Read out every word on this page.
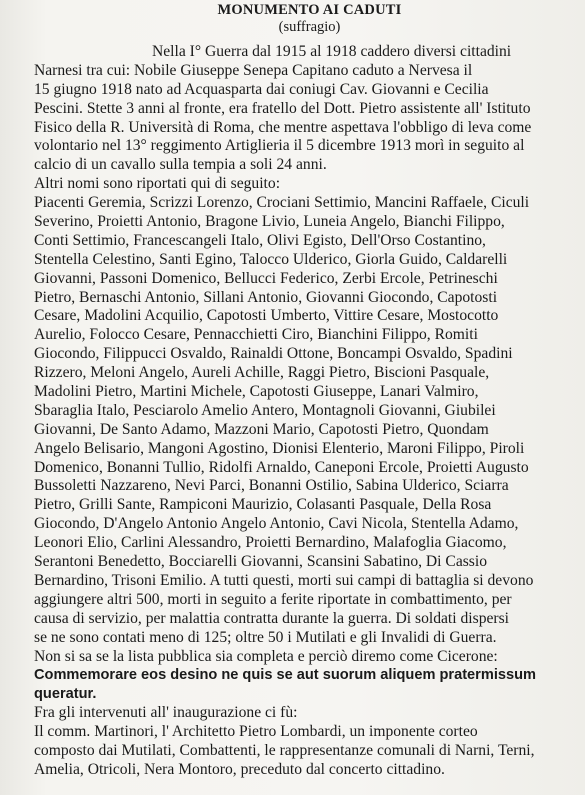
MONUMENTO AI CADUTI
(suffragio)
Nella I° Guerra dal 1915 al 1918 caddero diversi cittadini
Narnesi tra cui: Nobile Giuseppe Senepa Capitano caduto a Nervesa il
15 giugno 1918 nato ad Acquasparta dai coniugi Cav. Giovanni e Cecilia
Pescini. Stette 3 anni al fronte, era fratello del Dott. Pietro assistente all' Istituto
Fisico della R. Università di Roma, che mentre aspettava l'obbligo di leva come
volontario nel 13° reggimento Artiglieria il 5 dicembre 1913 morì in seguito al
calcio di un cavallo sulla tempia a soli 24 anni.
Altri nomi sono riportati qui di seguito:
Piacenti Geremia, Scrizzi Lorenzo, Crociani Settimio, Mancini Raffaele, Ciculi
Severino, Proietti Antonio, Bragone Livio, Luneia Angelo, Bianchi Filippo,
Conti Settimio, Francescangeli Italo, Olivi Egisto, Dell'Orso Costantino,
Stentella Celestino, Santi Egino, Talocco Ulderico, Giorla Guido, Caldarelli
Giovanni, Passoni Domenico, Bellucci Federico, Zerbi Ercole, Petrineschi
Pietro, Bernaschi Antonio, Sillani Antonio, Giovanni Giocondo, Capotosti
Cesare, Madolini Acquilio, Capotosti Umberto, Vittire Cesare, Mostocotto
Aurelio, Folocco Cesare, Pennacchietti Ciro, Bianchini Filippo, Romiti
Giocondo, Filippucci Osvaldo, Rainaldi Ottone, Boncampi Osvaldo, Spadini
Rizzero, Meloni Angelo, Aureli Achille, Raggi Pietro, Biscioni Pasquale,
Madolini Pietro, Martini Michele, Capotosti Giuseppe, Lanari Valmiro,
Sbaraglia Italo, Pesciarolo Amelio Antero, Montagnoli Giovanni, Giubilei
Giovanni, De Santo Adamo, Mazzoni Mario, Capotosti Pietro, Quondam
Angelo Belisario, Mangoni Agostino, Dionisi Elenterio, Maroni Filippo, Piroli
Domenico, Bonanni Tullio, Ridolfi Arnaldo, Caneponi Ercole, Proietti Augusto
Bussoletti Nazzareno, Nevi Parci, Bonanni Ostilio, Sabina Ulderico, Sciarra
Pietro, Grilli Sante, Rampiconi Maurizio, Colasanti Pasquale, Della Rosa
Giocondo, D'Angelo Antonio Angelo Antonio, Cavi Nicola, Stentella Adamo,
Leonori Elio, Carlini Alessandro, Proietti Bernardino, Malafoglia Giacomo,
Serantoni Benedetto, Bocciarelli Giovanni, Scansini Sabatino, Di Cassio
Bernardino, Trisoni Emilio. A tutti questi, morti sui campi di battaglia si devono
aggiungere altri 500, morti in seguito a ferite riportate in combattimento, per
causa di servizio, per malattia contratta durante la guerra. Di soldati dispersi
se ne sono contati meno di 125; oltre 50 i Mutilati e gli Invalidi di Guerra.
Non si sa se la lista pubblica sia completa e perciò diremo come Cicerone:
Commemorare eos desino ne quis se aut suorum aliquem pratermissum
queratur.
Fra gli intervenuti all' inaugurazione ci fù:
Il comm. Martinori, l' Architetto Pietro Lombardi, un imponente corteo
composto dai Mutilati, Combattenti, le rappresentanze comunali di Narni, Terni,
Amelia, Otricoli, Nera Montoro, preceduto dal concerto cittadino.
